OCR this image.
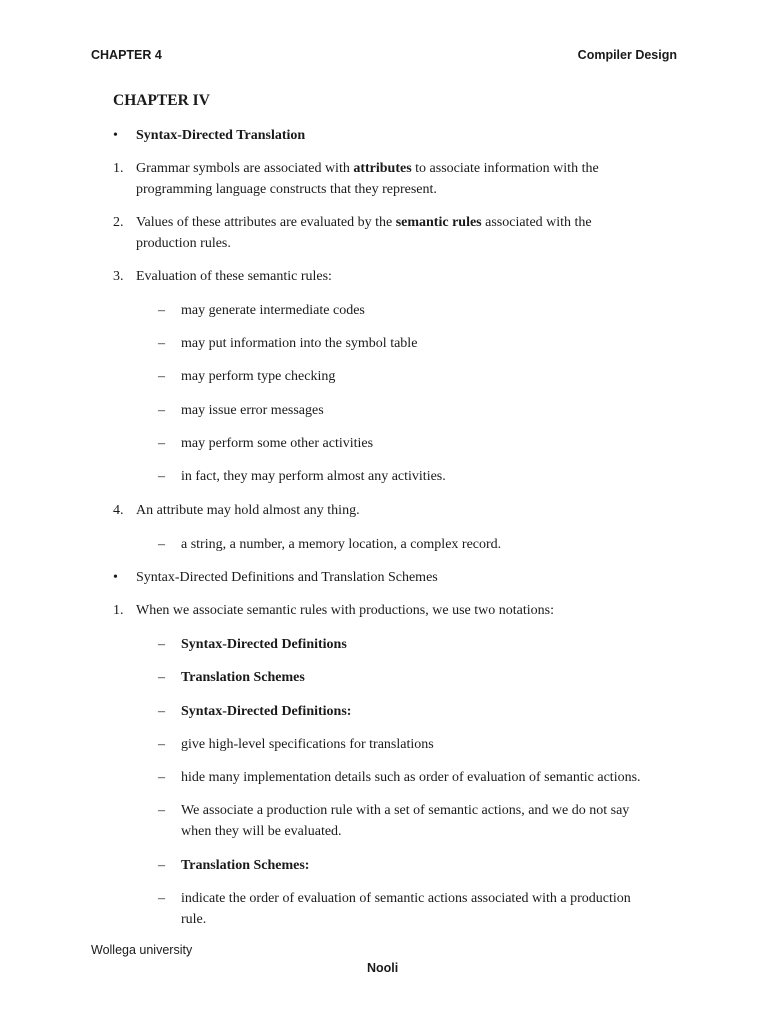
CHAPTER 4	Compiler Design
CHAPTER IV
• Syntax-Directed Translation
1. Grammar symbols are associated with attributes to associate information with the
programming language constructs that they represent.
2. Values of these attributes are evaluated by the semantic rules associated with the
production rules.
3. Evaluation of these semantic rules:
– may generate intermediate codes
– may put information into the symbol table
– may perform type checking
– may issue error messages
– may perform some other activities
– in fact, they may perform almost any activities.
4. An attribute may hold almost any thing.
– a string, a number, a memory location, a complex record.
• Syntax-Directed Definitions and Translation Schemes
1. When we associate semantic rules with productions, we use two notations:
– Syntax-Directed Definitions
– Translation Schemes
– Syntax-Directed Definitions:
– give high-level specifications for translations
– hide many implementation details such as order of evaluation of semantic actions.
– We associate a production rule with a set of semantic actions, and we do not say
when they will be evaluated.
– Translation Schemes:
– indicate the order of evaluation of semantic actions associated with a production
rule.
Wollega university
Nooli
